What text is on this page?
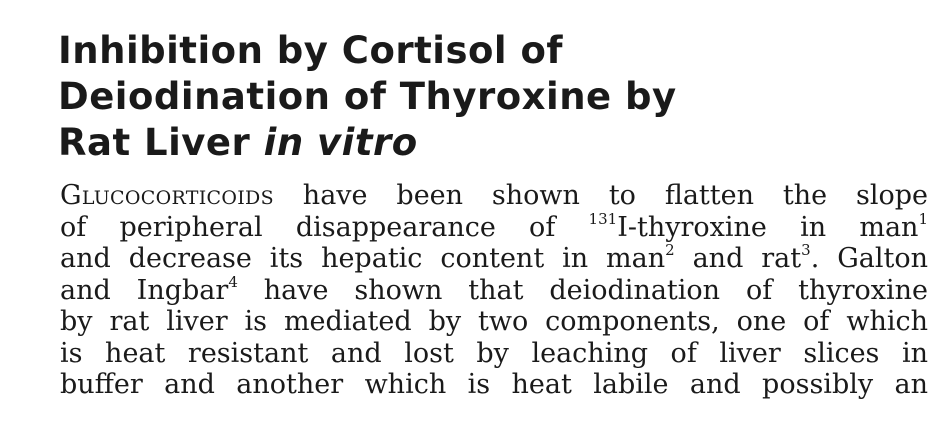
Inhibition by Cortisol of
Deiodination of Thyroxine by
Rat Liver in vitro
Glucocorticoids have been shown to flatten the slope
of peripheral disappearance of $^{131}$I-thyroxine in man$^1$
and decrease its hepatic content in man$^2$ and rat$^3$. Galton
and Ingbar$^4$ have shown that deiodination of thyroxine
by rat liver is mediated by two components, one of which
is heat resistant and lost by leaching of liver slices in
buffer and another which is heat labile and possibly an
